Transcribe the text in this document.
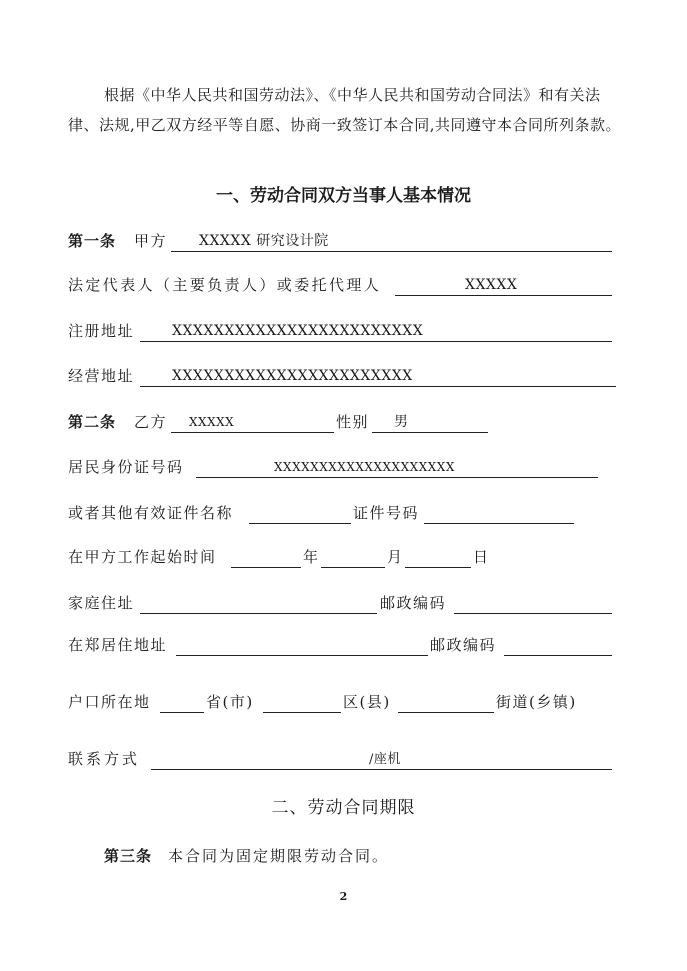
根据《中华人民共和国劳动法》、《中华人民共和国劳动合同法》和有关法律、法规,甲乙双方经平等自愿、协商一致签订本合同,共同遵守本合同所列条款。

一、劳动合同双方当事人基本情况
第一条 甲方	XXXXX 研究设计院
法定代表人（主要负责人）或委托代理人	XXXXX
注册地址	XXXXXXXXXXXXXXXXXXXXXXXX
经营地址	XXXXXXXXXXXXXXXXXXXXXXX
第二条 乙方	XXXXX	性别	男
居民身份证号码	XXXXXXXXXXXXXXXXXXXX
或者其他有效证件名称	证件号码
在甲方工作起始时间	年	月	日
家庭住址	邮政编码
在郑居住地址	邮政编码
户口所在地	省(市)	区(县)	街道(乡镇)
联系方式	/座机
二、劳动合同期限
第三条 本合同为固定期限劳动合同。
2
